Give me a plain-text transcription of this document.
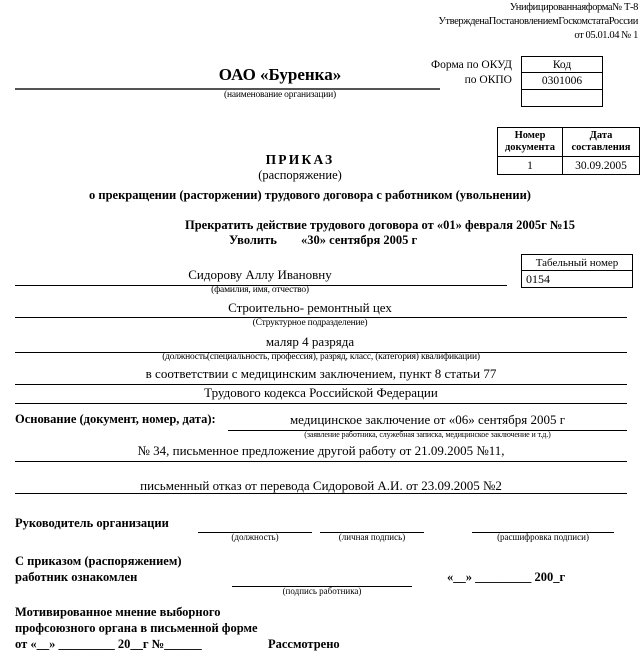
Унифицированнаяформа№ Т-8
УтвержденаПостановлениемГоскомстатаРоссии
от 05.01.04 № 1
ОАО «Буренка»
(наименование организации)
Форма по ОКУД
по ОКПО
Код
0301006
Номер
документа
Дата
составления
1	30.09.2005
ПРИКАЗ
(распоряжение)
о прекращении (расторжении) трудового договора с работником (увольнении)
Прекратить действие трудового договора от «01» февраля 2005г №15
Уволить «30» сентября 2005 г
Табельный номер
0154
Сидорову Аллу Ивановну
(фамилия, имя, отчество)
Строительно- ремонтный цех
(Структурное подразделение)
маляр 4 разряда
(должность(специальность, профессия), разряд, класс, (категория) квалификации)
в соответствии с медицинским заключением, пункт 8 статьи 77
Трудового кодекса Российской Федерации
Основание (документ, номер, дата):	медицинское заключение от «06» сентября 2005 г
(заявление работника, служебная записка, медицинское заключение и т.д.)
№ 34, письменное предложение другой работу от 21.09.2005 №11,
письменный отказ от перевода Сидоровой А.И. от 23.09.2005 №2
Руководитель организации
(должность)	(личная подпись)	(расшифровка подписи)
С приказом (распоряжением)
работник ознакомлен
(подпись работника)
«__» _________ 200_г
Мотивированное мнение выборного
профсоюзного органа в письменной форме
от «__» _________ 20__г №______	Рассмотрено
